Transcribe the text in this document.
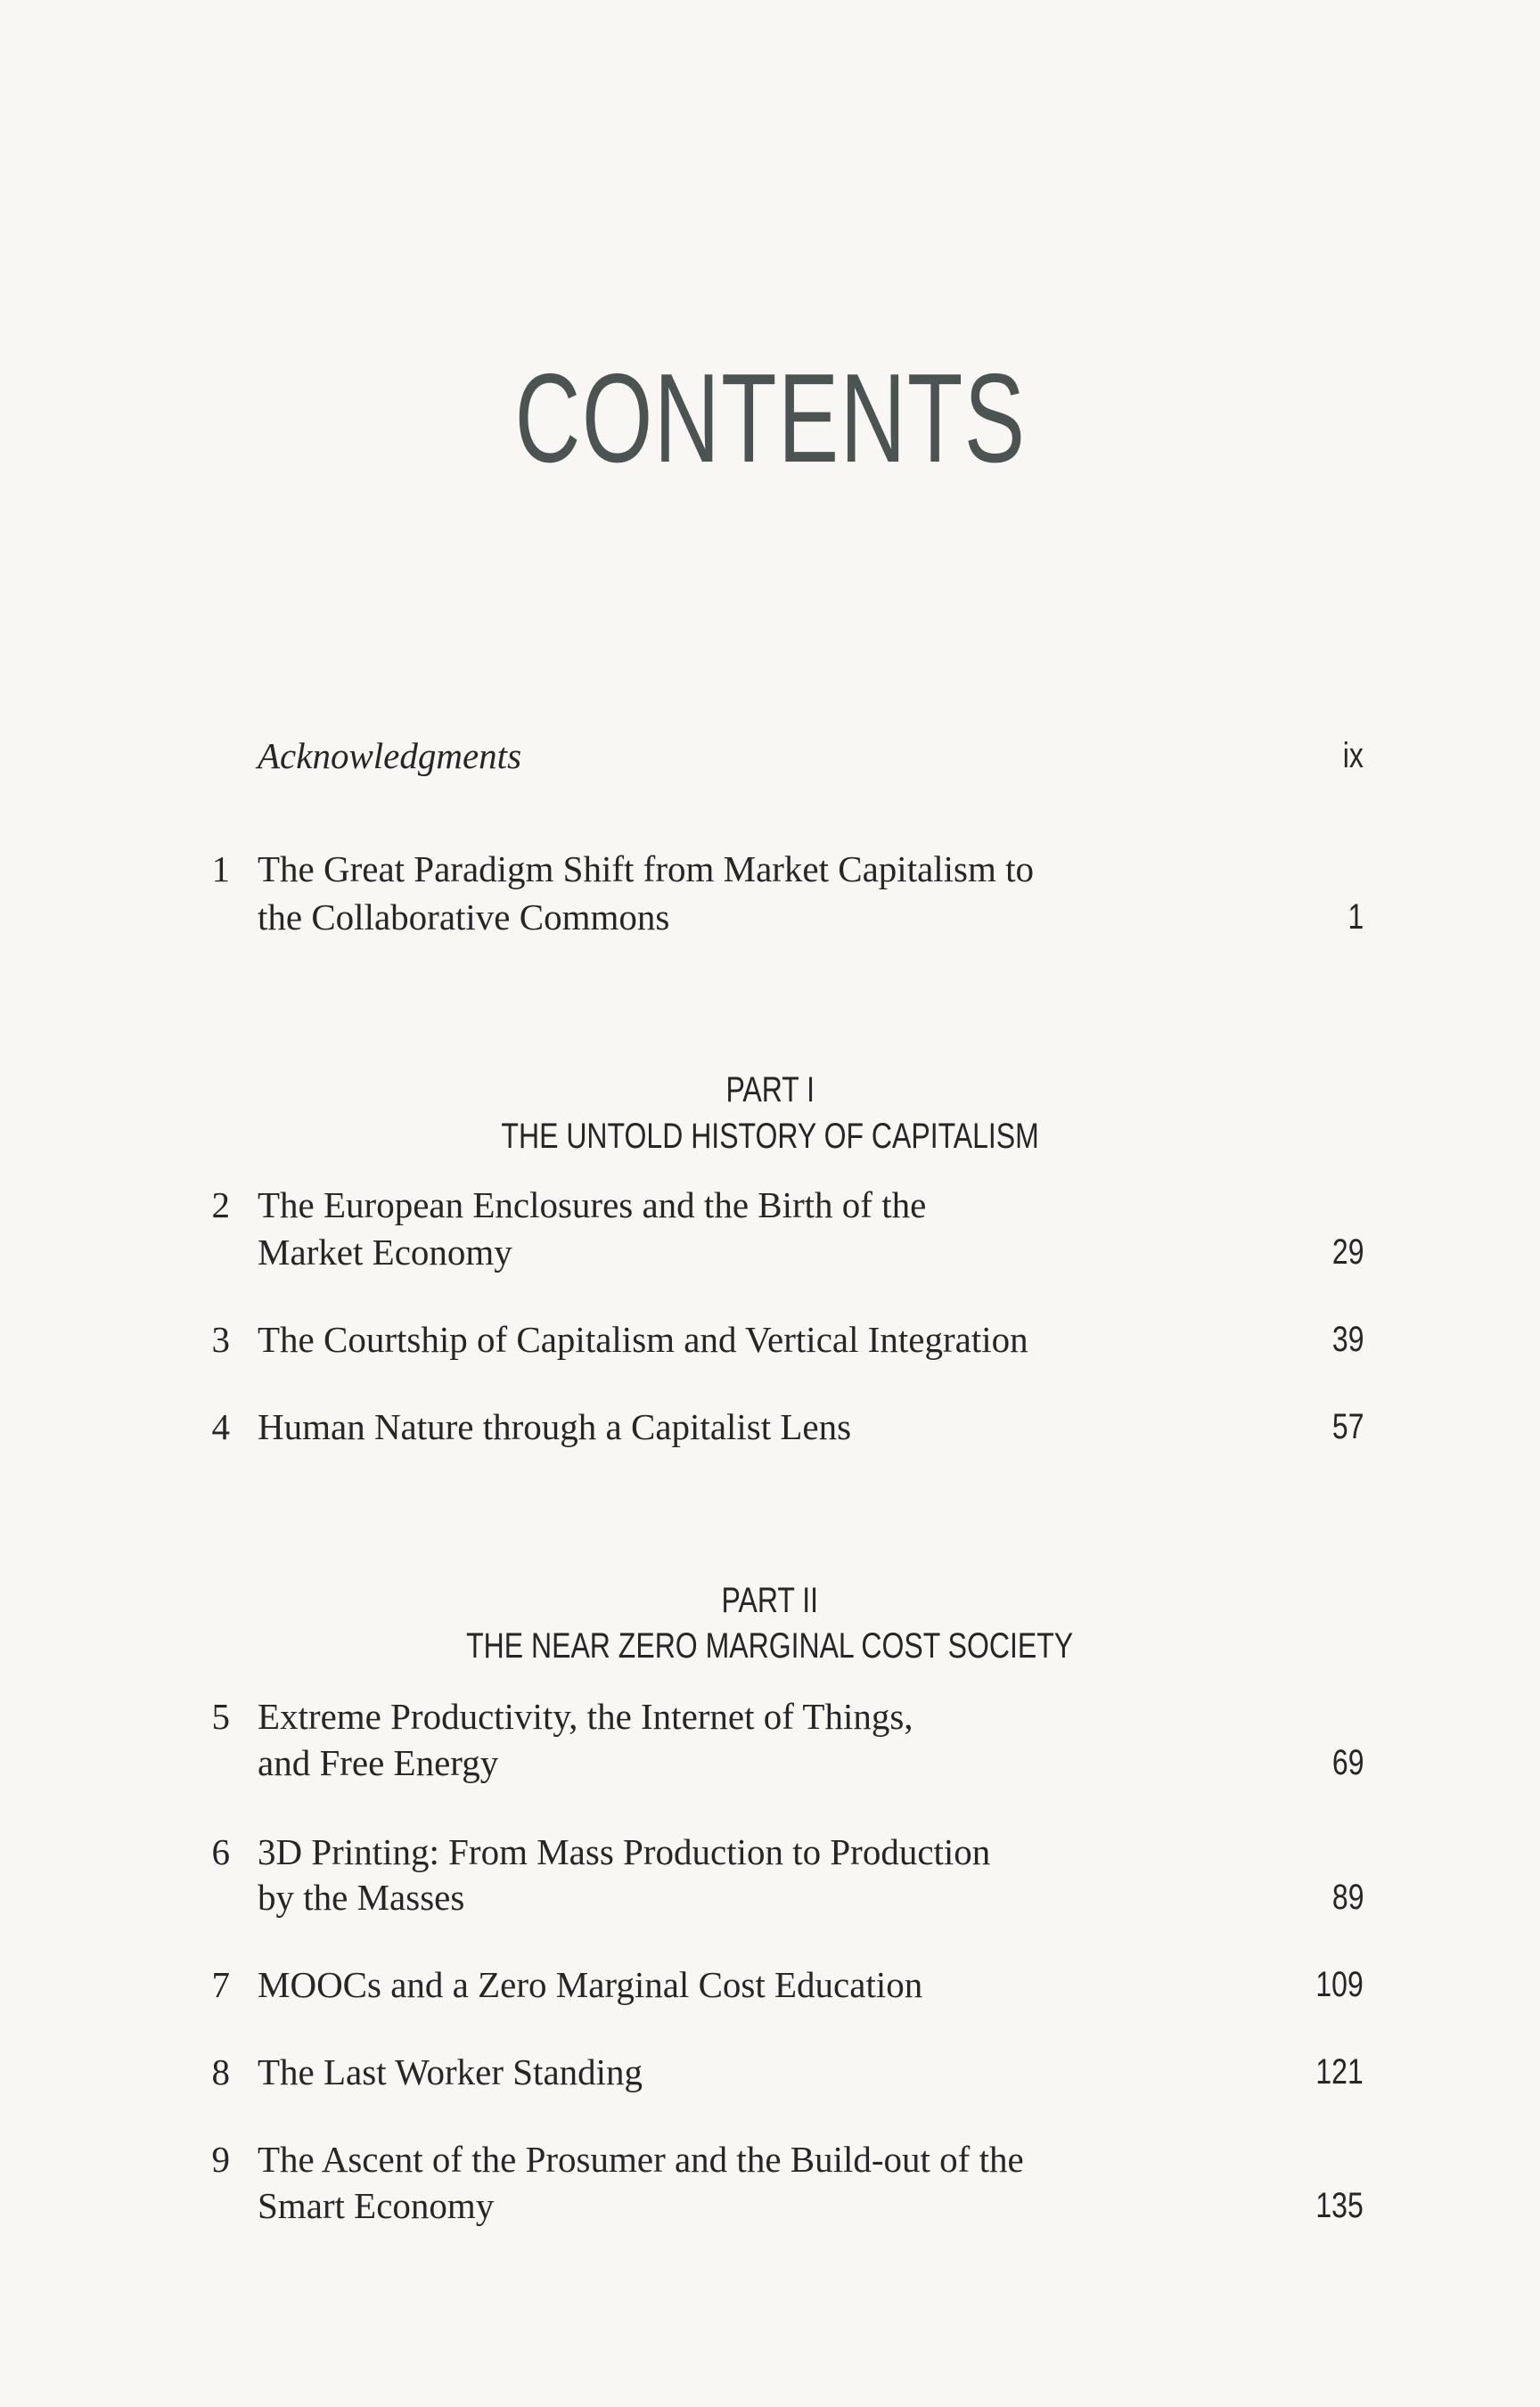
CONTENTS
Acknowledgments	ix
1 The Great Paradigm Shift from Market Capitalism to
the Collaborative Commons	1
PART I
THE UNTOLD HISTORY OF CAPITALISM
2 The European Enclosures and the Birth of the
Market Economy	29
3 The Courtship of Capitalism and Vertical Integration	39
4 Human Nature through a Capitalist Lens	57
PART II
THE NEAR ZERO MARGINAL COST SOCIETY
5 Extreme Productivity, the Internet of Things,
and Free Energy	69
6 3D Printing: From Mass Production to Production
by the Masses	89
7 MOOCs and a Zero Marginal Cost Education	109
8 The Last Worker Standing	121
9 The Ascent of the Prosumer and the Build-out of the
Smart Economy	135
